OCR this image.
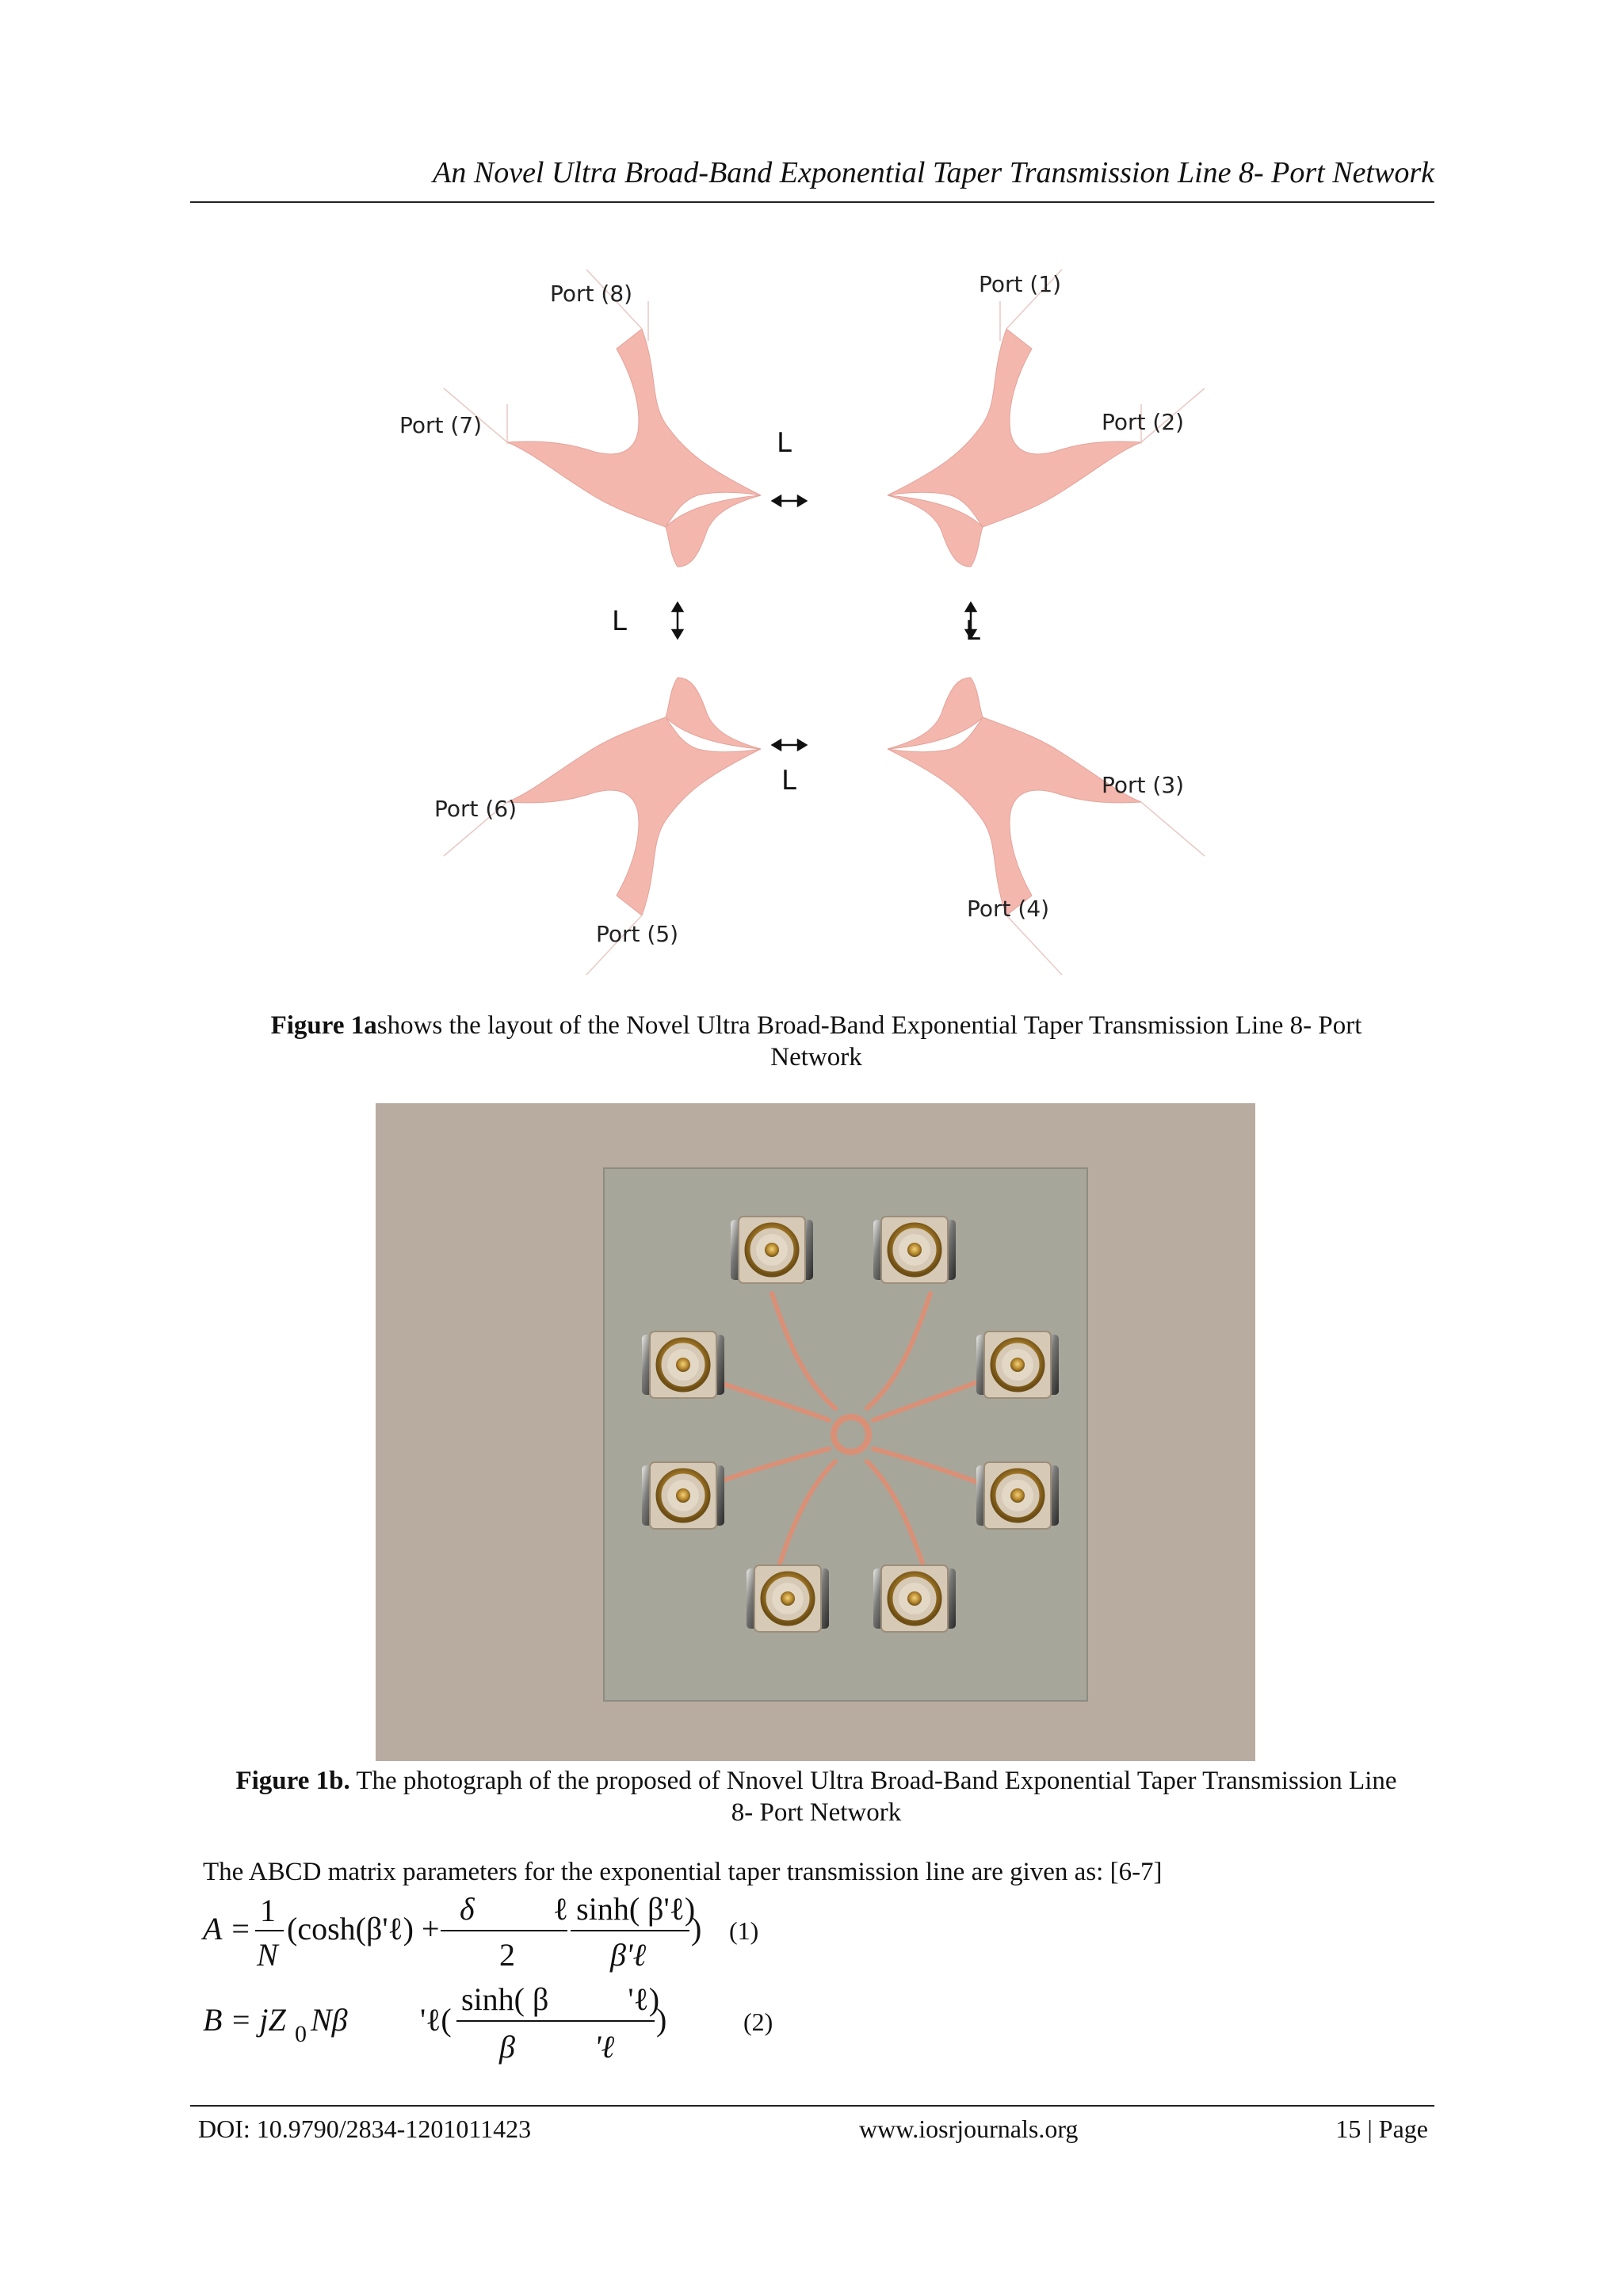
An Novel Ultra Broad-Band Exponential Taper Transmission Line 8- Port Network
L
L	L
L
Port (8)	Port (1)
Port (7)	Port (2)
Port (6)
Port (3)
Port (5)
Port (4)
Figure 1ashows the layout of the Novel Ultra Broad-Band Exponential Taper Transmission Line 8- Port
Network
Figure 1b. The photograph of the proposed of Nnovel Ultra Broad-Band Exponential Taper Transmission Line
8- Port Network
The ABCD matrix parameters for the exponential taper transmission line are given as: [6-7]
A =
1
N
(cosh(β'ℓ) +
δ
2
ℓ sinh( β'ℓ)
β'ℓ
) (1)
B = jZ 0 Nβ 'ℓ(
sinh( β          'ℓ)
β          'ℓ
)	(2)
DOI: 10.9790/2834-1201011423	www.iosrjournals.org	15 | Page
